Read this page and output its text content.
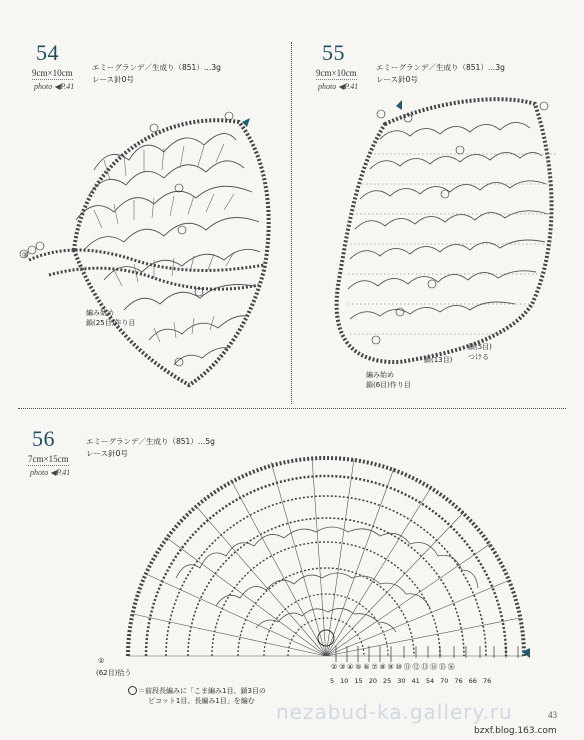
54
9cm×10cm
photo ◀P.41
エミーグランデ／生成り（851）…3g
レース針0号
編み始め
鎖(25目)作り目
③
55
9cm×10cm
photo ◀P.41
エミーグランデ／生成り（851）…3g
レース針0号
編み始め
鎖(6目)作り目
鎖(13目)
鎖(5目)
つける
56
7cm×15cm
photo ◀P.41
エミーグランデ／生成り（851）…5g
レース針0号
①
(62目)拾う
＝前段長編みに「こま編み1目、鎖3目の
ピコット1目、長編み1目」を編む
②③④⑤⑥⑦⑧⑨⑩⑪⑫⑬⑭⑮⑯
5 10 15 20 25 30 41 54 70 76 66 76
nezabud-ka.gallery.ru	43
bzxf.blog.163.com
